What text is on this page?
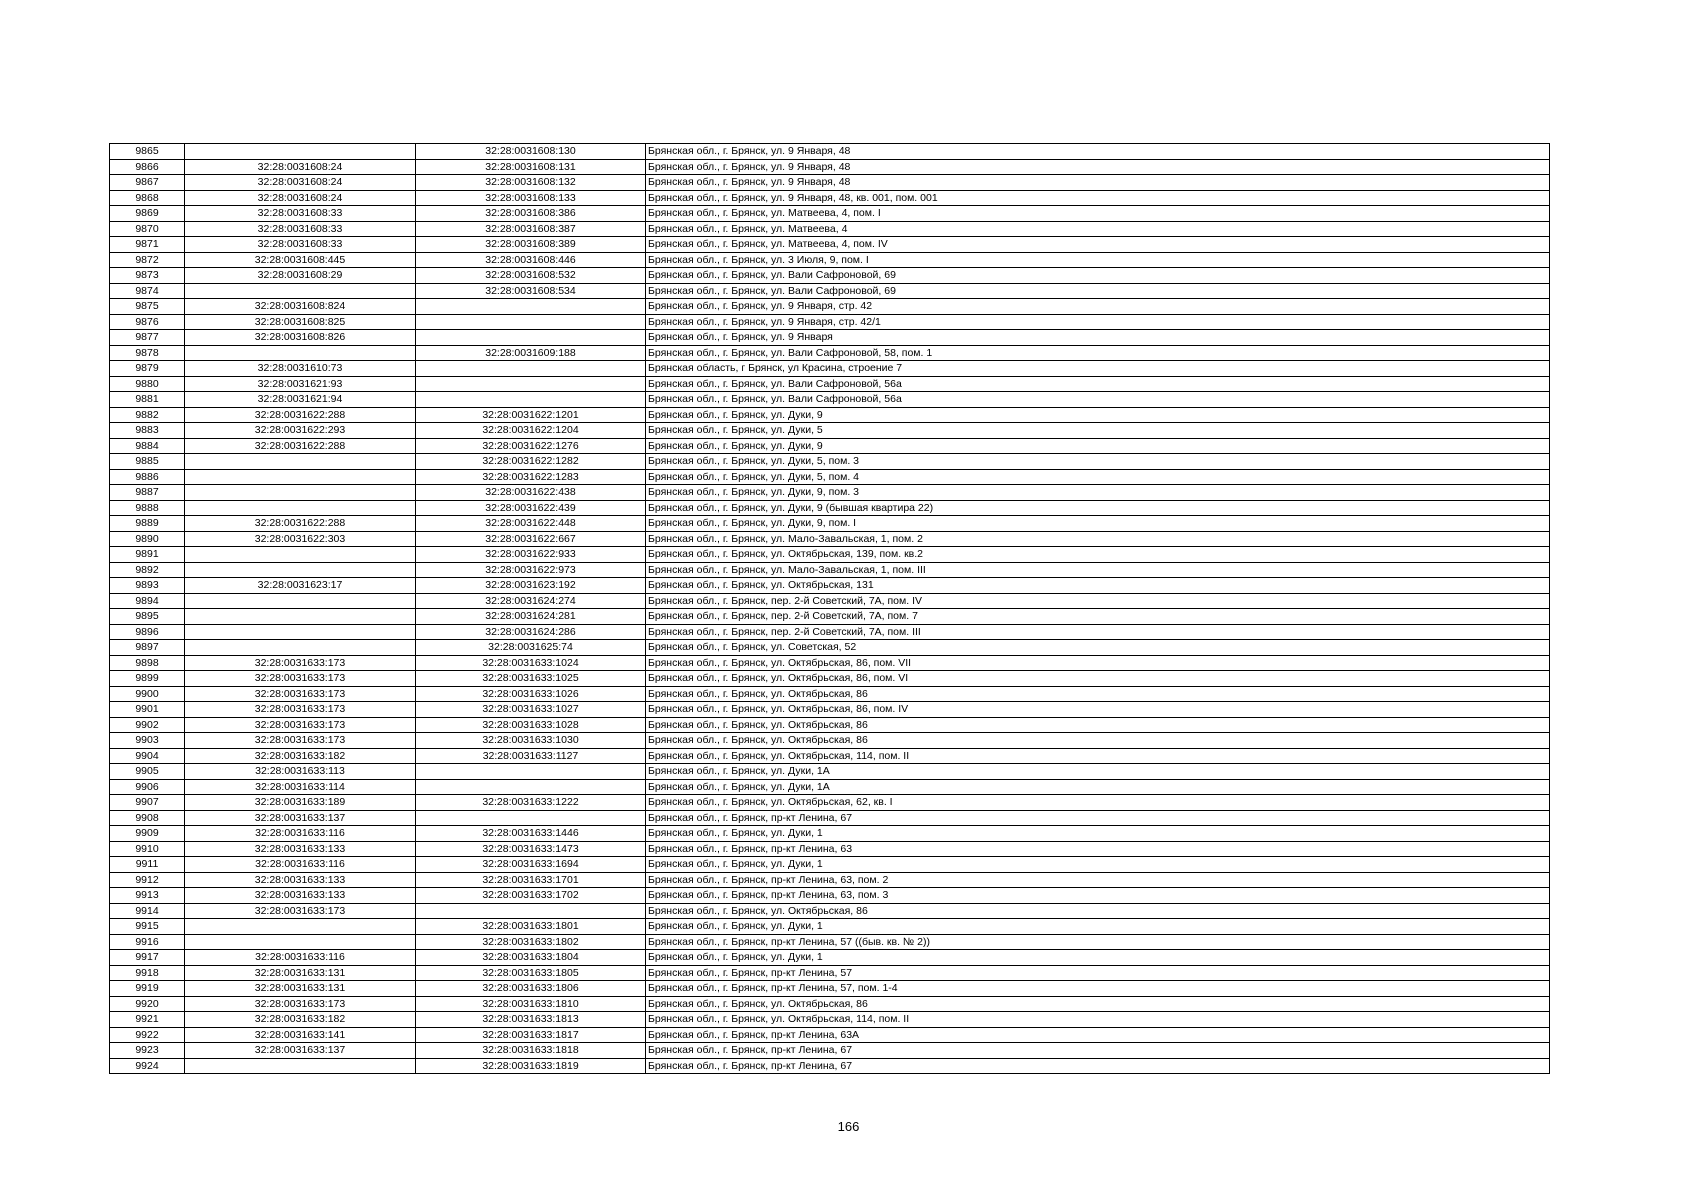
9865		32:28:0031608:130	Брянская обл., г. Брянск, ул. 9 Января, 48
9866	32:28:0031608:24	32:28:0031608:131	Брянская обл., г. Брянск, ул. 9 Января, 48
9867	32:28:0031608:24	32:28:0031608:132	Брянская обл., г. Брянск, ул. 9 Января, 48
9868	32:28:0031608:24	32:28:0031608:133	Брянская обл., г. Брянск, ул. 9 Января, 48, кв. 001, пом. 001
9869	32:28:0031608:33	32:28:0031608:386	Брянская обл., г. Брянск, ул. Матвеева, 4, пом. I
9870	32:28:0031608:33	32:28:0031608:387	Брянская обл., г. Брянск, ул. Матвеева, 4
9871	32:28:0031608:33	32:28:0031608:389	Брянская обл., г. Брянск, ул. Матвеева, 4, пом. IV
9872	32:28:0031608:445	32:28:0031608:446	Брянская обл., г. Брянск, ул. 3 Июля, 9, пом. I
9873	32:28:0031608:29	32:28:0031608:532	Брянская обл., г. Брянск, ул. Вали Сафроновой, 69
9874		32:28:0031608:534	Брянская обл., г. Брянск, ул. Вали Сафроновой, 69
9875	32:28:0031608:824		Брянская обл., г. Брянск, ул. 9 Января, стр. 42
9876	32:28:0031608:825		Брянская обл., г. Брянск, ул. 9 Января, стр. 42/1
9877	32:28:0031608:826		Брянская обл., г. Брянск, ул. 9 Января
9878		32:28:0031609:188	Брянская обл., г. Брянск, ул. Вали Сафроновой, 58, пом. 1
9879	32:28:0031610:73		Брянская область, г Брянск, ул Красина, строение 7
9880	32:28:0031621:93		Брянская обл., г. Брянск, ул. Вали Сафроновой, 56а
9881	32:28:0031621:94		Брянская обл., г. Брянск, ул. Вали Сафроновой, 56а
9882	32:28:0031622:288	32:28:0031622:1201	Брянская обл., г. Брянск, ул. Дуки, 9
9883	32:28:0031622:293	32:28:0031622:1204	Брянская обл., г. Брянск, ул. Дуки, 5
9884	32:28:0031622:288	32:28:0031622:1276	Брянская обл., г. Брянск, ул. Дуки, 9
9885		32:28:0031622:1282	Брянская обл., г. Брянск, ул. Дуки, 5, пом. 3
9886		32:28:0031622:1283	Брянская обл., г. Брянск, ул. Дуки, 5, пом. 4
9887		32:28:0031622:438	Брянская обл., г. Брянск, ул. Дуки, 9, пом. 3
9888		32:28:0031622:439	Брянская обл., г. Брянск, ул. Дуки, 9 (бывшая квартира 22)
9889	32:28:0031622:288	32:28:0031622:448	Брянская обл., г. Брянск, ул. Дуки, 9, пом. I
9890	32:28:0031622:303	32:28:0031622:667	Брянская обл., г. Брянск, ул. Мало-Завальская, 1, пом. 2
9891		32:28:0031622:933	Брянская обл., г. Брянск, ул. Октябрьская, 139, пом. кв.2
9892		32:28:0031622:973	Брянская обл., г. Брянск, ул. Мало-Завальская, 1, пом. III
9893	32:28:0031623:17	32:28:0031623:192	Брянская обл., г. Брянск, ул. Октябрьская, 131
9894		32:28:0031624:274	Брянская обл., г. Брянск, пер. 2-й Советский, 7А, пом. IV
9895		32:28:0031624:281	Брянская обл., г. Брянск, пер. 2-й Советский, 7А, пом. 7
9896		32:28:0031624:286	Брянская обл., г. Брянск, пер. 2-й Советский, 7А, пом. III
9897		32:28:0031625:74	Брянская обл., г. Брянск, ул. Советская, 52
9898	32:28:0031633:173	32:28:0031633:1024	Брянская обл., г. Брянск, ул. Октябрьская, 86, пом. VII
9899	32:28:0031633:173	32:28:0031633:1025	Брянская обл., г. Брянск, ул. Октябрьская, 86, пом. VI
9900	32:28:0031633:173	32:28:0031633:1026	Брянская обл., г. Брянск, ул. Октябрьская, 86
9901	32:28:0031633:173	32:28:0031633:1027	Брянская обл., г. Брянск, ул. Октябрьская, 86, пом. IV
9902	32:28:0031633:173	32:28:0031633:1028	Брянская обл., г. Брянск, ул. Октябрьская, 86
9903	32:28:0031633:173	32:28:0031633:1030	Брянская обл., г. Брянск, ул. Октябрьская, 86
9904	32:28:0031633:182	32:28:0031633:1127	Брянская обл., г. Брянск, ул. Октябрьская, 114, пом. II
9905	32:28:0031633:113		Брянская обл., г. Брянск, ул. Дуки, 1А
9906	32:28:0031633:114		Брянская обл., г. Брянск, ул. Дуки, 1А
9907	32:28:0031633:189	32:28:0031633:1222	Брянская обл., г. Брянск, ул. Октябрьская, 62, кв. I
9908	32:28:0031633:137		Брянская обл., г. Брянск, пр-кт Ленина, 67
9909	32:28:0031633:116	32:28:0031633:1446	Брянская обл., г. Брянск, ул. Дуки, 1
9910	32:28:0031633:133	32:28:0031633:1473	Брянская обл., г. Брянск, пр-кт Ленина, 63
9911	32:28:0031633:116	32:28:0031633:1694	Брянская обл., г. Брянск, ул. Дуки, 1
9912	32:28:0031633:133	32:28:0031633:1701	Брянская обл., г. Брянск, пр-кт Ленина, 63, пом. 2
9913	32:28:0031633:133	32:28:0031633:1702	Брянская обл., г. Брянск, пр-кт Ленина, 63, пом. 3
9914	32:28:0031633:173		Брянская обл., г. Брянск, ул. Октябрьская, 86
9915		32:28:0031633:1801	Брянская обл., г. Брянск, ул. Дуки, 1
9916		32:28:0031633:1802	Брянская обл., г. Брянск, пр-кт Ленина, 57 ((быв. кв. № 2))
9917	32:28:0031633:116	32:28:0031633:1804	Брянская обл., г. Брянск, ул. Дуки, 1
9918	32:28:0031633:131	32:28:0031633:1805	Брянская обл., г. Брянск, пр-кт Ленина, 57
9919	32:28:0031633:131	32:28:0031633:1806	Брянская обл., г. Брянск, пр-кт Ленина, 57, пом. 1-4
9920	32:28:0031633:173	32:28:0031633:1810	Брянская обл., г. Брянск, ул. Октябрьская, 86
9921	32:28:0031633:182	32:28:0031633:1813	Брянская обл., г. Брянск, ул. Октябрьская, 114, пом. II
9922	32:28:0031633:141	32:28:0031633:1817	Брянская обл., г. Брянск, пр-кт Ленина, 63А
9923	32:28:0031633:137	32:28:0031633:1818	Брянская обл., г. Брянск, пр-кт Ленина, 67
9924		32:28:0031633:1819	Брянская обл., г. Брянск, пр-кт Ленина, 67
166
